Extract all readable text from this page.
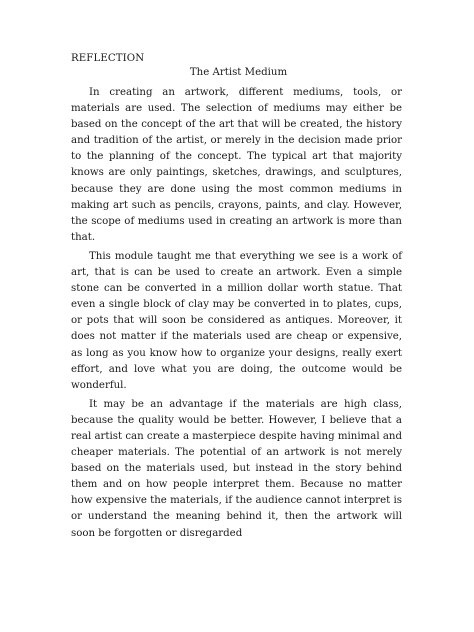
REFLECTION

The Artist Medium

In creating an artwork, different mediums, tools, or materials are used. The selection of mediums may either be based on the concept of the art that will be created, the history and tradition of the artist, or merely in the decision made prior to the planning of the concept. The typical art that majority knows are only paintings, sketches, drawings, and sculptures, because they are done using the most common mediums in making art such as pencils, crayons, paints, and clay. However, the scope of mediums used in creating an artwork is more than that.

This module taught me that everything we see is a work of art, that is can be used to create an artwork. Even a simple stone can be converted in a million dollar worth statue. That even a single block of clay may be converted in to plates, cups, or pots that will soon be considered as antiques. Moreover, it does not matter if the materials used are cheap or expensive, as long as you know how to organize your designs, really exert effort, and love what you are doing, the outcome would be wonderful.

It may be an advantage if the materials are high class, because the quality would be better. However, I believe that a real artist can create a masterpiece despite having minimal and cheaper materials. The potential of an artwork is not merely based on the materials used, but instead in the story behind them and on how people interpret them. Because no matter how expensive the materials, if the audience cannot interpret is or understand the meaning behind it, then the artwork will soon be forgotten or disregarded
